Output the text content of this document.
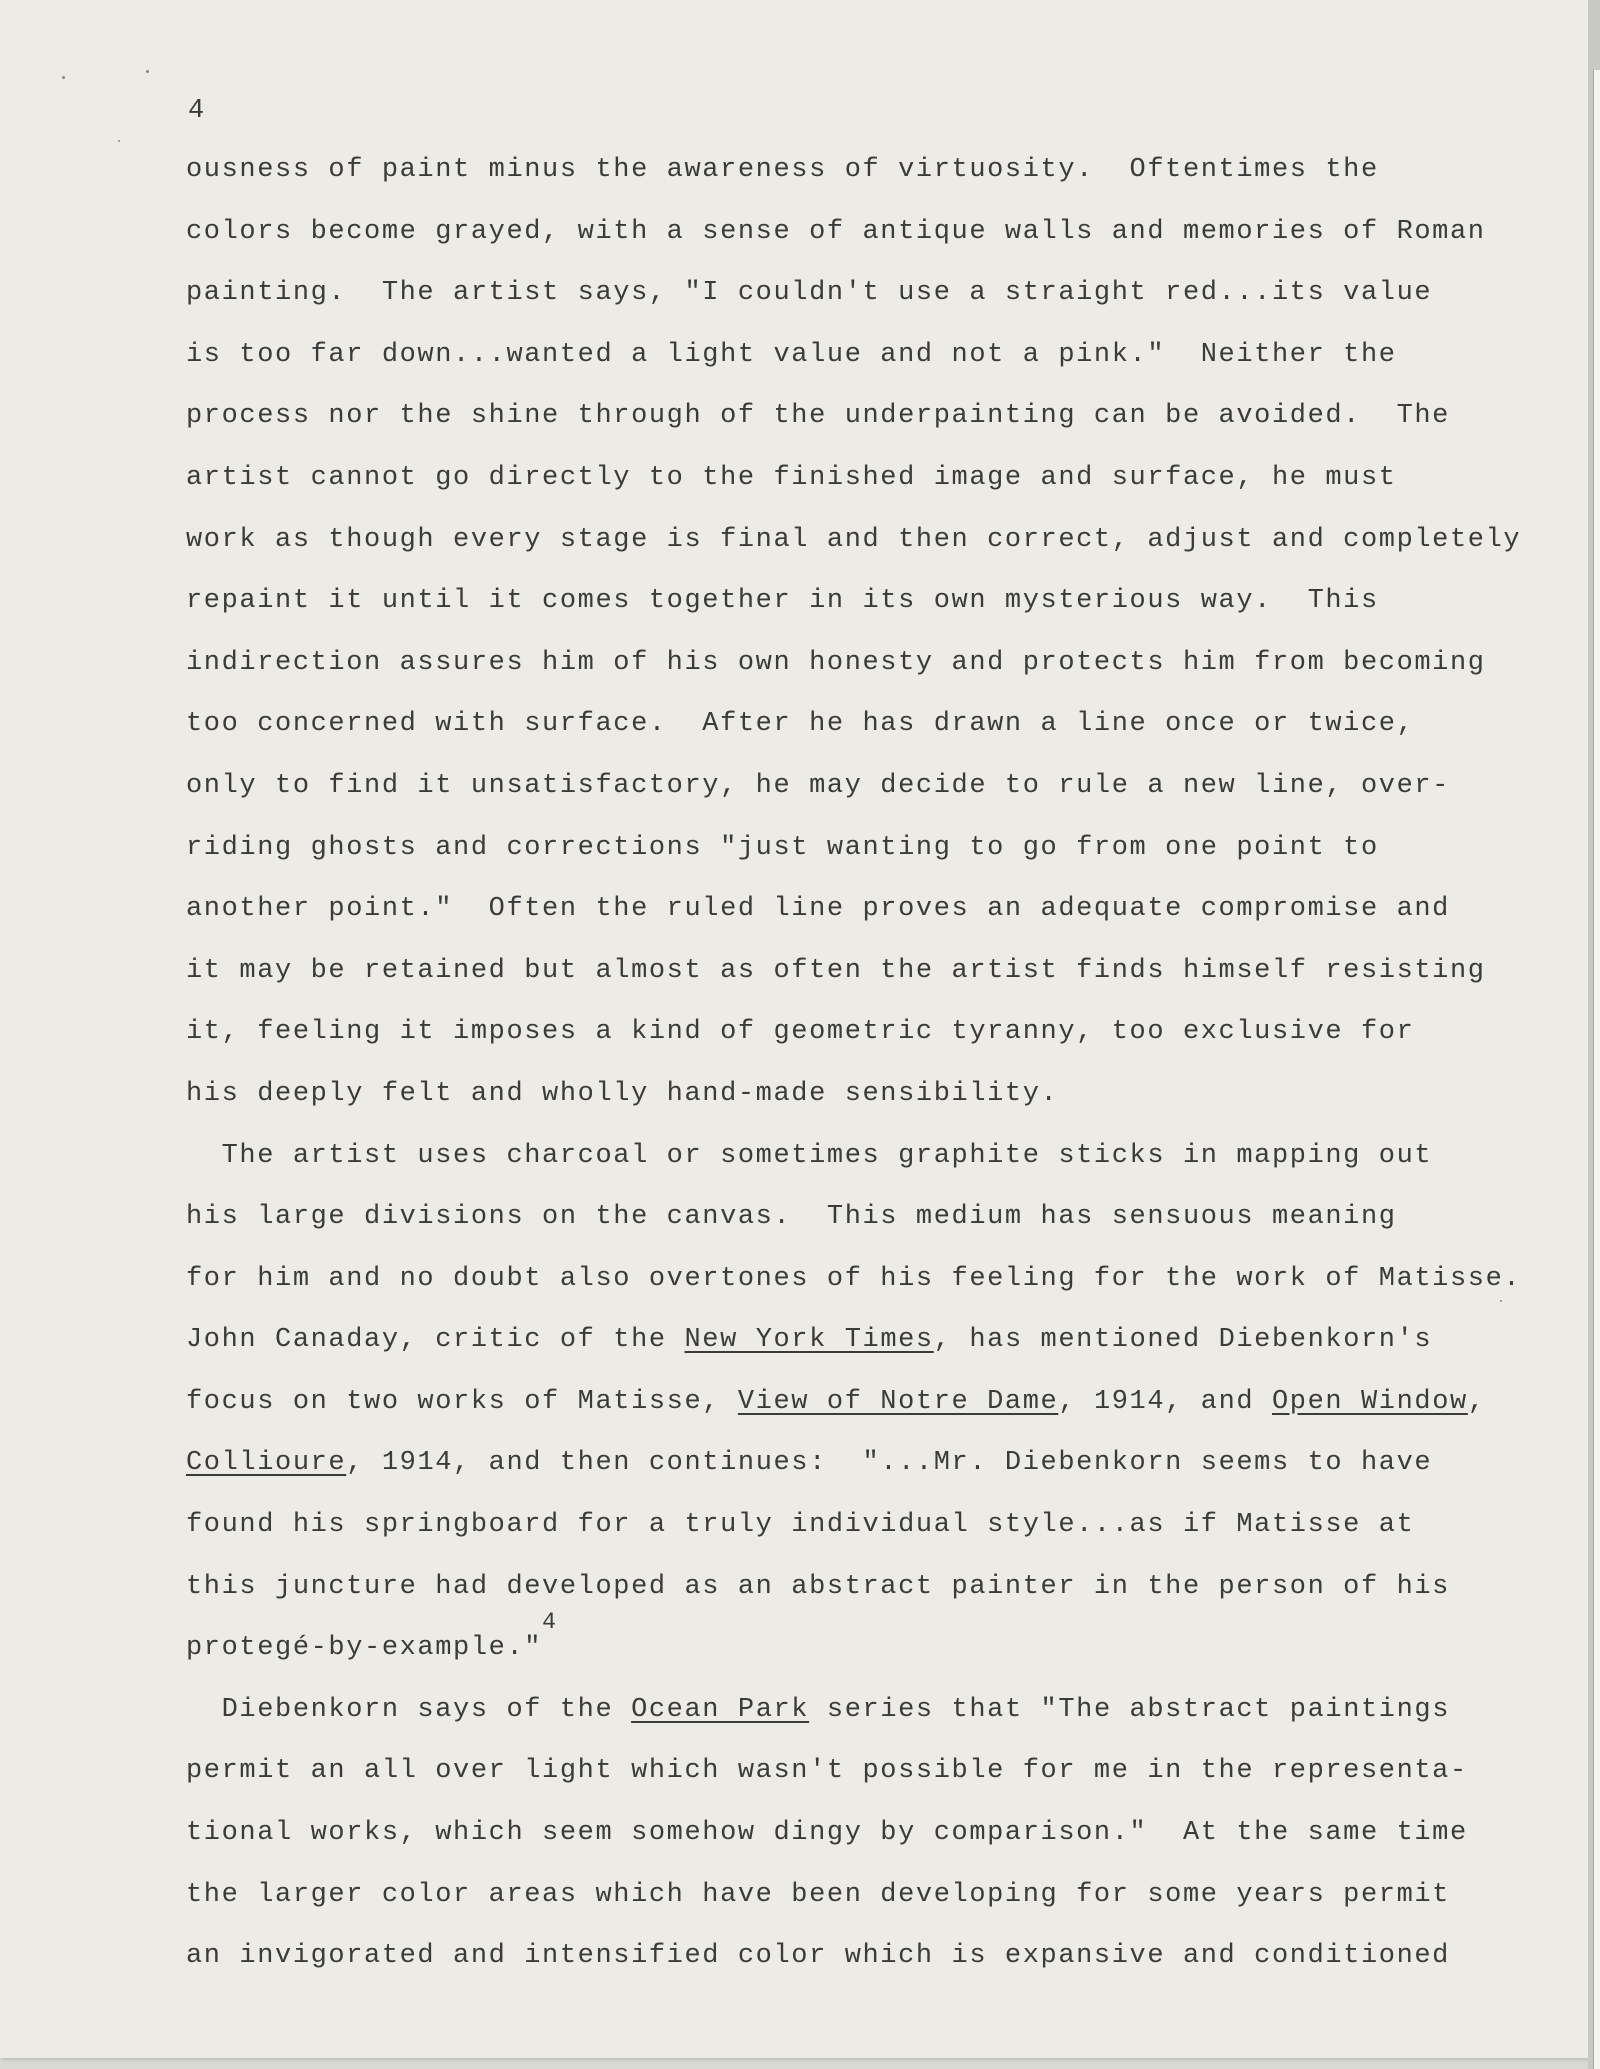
4
ousness of paint minus the awareness of virtuosity.  Oftentimes the
colors become grayed, with a sense of antique walls and memories of Roman
painting.  The artist says, "I couldn't use a straight red...its value
is too far down...wanted a light value and not a pink."  Neither the
process nor the shine through of the underpainting can be avoided.  The
artist cannot go directly to the finished image and surface, he must
work as though every stage is final and then correct, adjust and completely
repaint it until it comes together in its own mysterious way.  This
indirection assures him of his own honesty and protects him from becoming
too concerned with surface.  After he has drawn a line once or twice,
only to find it unsatisfactory, he may decide to rule a new line, over-
riding ghosts and corrections "just wanting to go from one point to
another point."  Often the ruled line proves an adequate compromise and
it may be retained but almost as often the artist finds himself resisting
it, feeling it imposes a kind of geometric tyranny, too exclusive for
his deeply felt and wholly hand-made sensibility.
The artist uses charcoal or sometimes graphite sticks in mapping out
his large divisions on the canvas.  This medium has sensuous meaning
for him and no doubt also overtones of his feeling for the work of Matisse.
John Canaday, critic of the New York Times, has mentioned Diebenkorn's
focus on two works of Matisse, View of Notre Dame, 1914, and Open Window,
Collioure, 1914, and then continues:  "...Mr. Diebenkorn seems to have
found his springboard for a truly individual style...as if Matisse at
this juncture had developed as an abstract painter in the person of his
protegé-by-example."4
Diebenkorn says of the Ocean Park series that "The abstract paintings
permit an all over light which wasn't possible for me in the representa-
tional works, which seem somehow dingy by comparison."  At the same time
the larger color areas which have been developing for some years permit
an invigorated and intensified color which is expansive and conditioned
